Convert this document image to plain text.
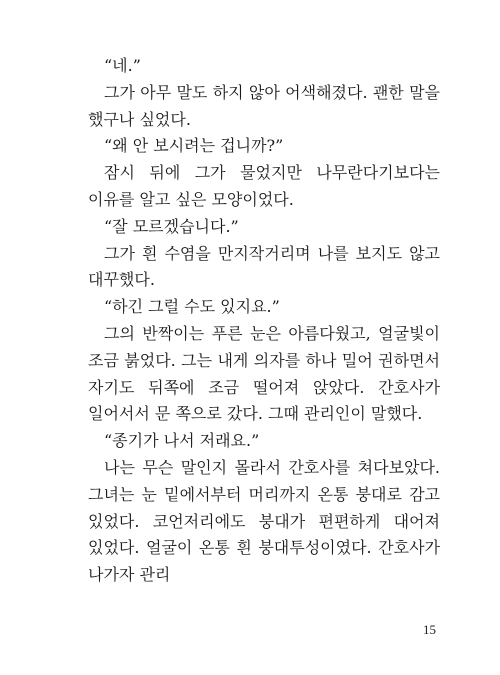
“네.”

그가 아무 말도 하지 않아 어색해졌다. 괜한 말을 했구나 싶었다.

“왜 안 보시려는 겁니까?”

잠시 뒤에 그가 물었지만 나무란다기보다는 이유를 알고 싶은 모양이었다.

“잘 모르겠습니다.”

그가 흰 수염을 만지작거리며 나를 보지도 않고 대꾸했다.

“하긴 그럴 수도 있지요.”

그의 반짝이는 푸른 눈은 아름다웠고, 얼굴빛이 조금 붉었다. 그는 내게 의자를 하나 밀어 권하면서 자기도 뒤쪽에 조금 떨어져 앉았다. 간호사가 일어서서 문 쪽으로 갔다. 그때 관리인이 말했다.

“종기가 나서 저래요.”

나는 무슨 말인지 몰라서 간호사를 쳐다보았다. 그녀는 눈 밑에서부터 머리까지 온통 붕대로 감고 있었다. 코언저리에도 붕대가 편편하게 대어져 있었다. 얼굴이 온통 흰 붕대투성이였다. 간호사가 나가자 관리

15
